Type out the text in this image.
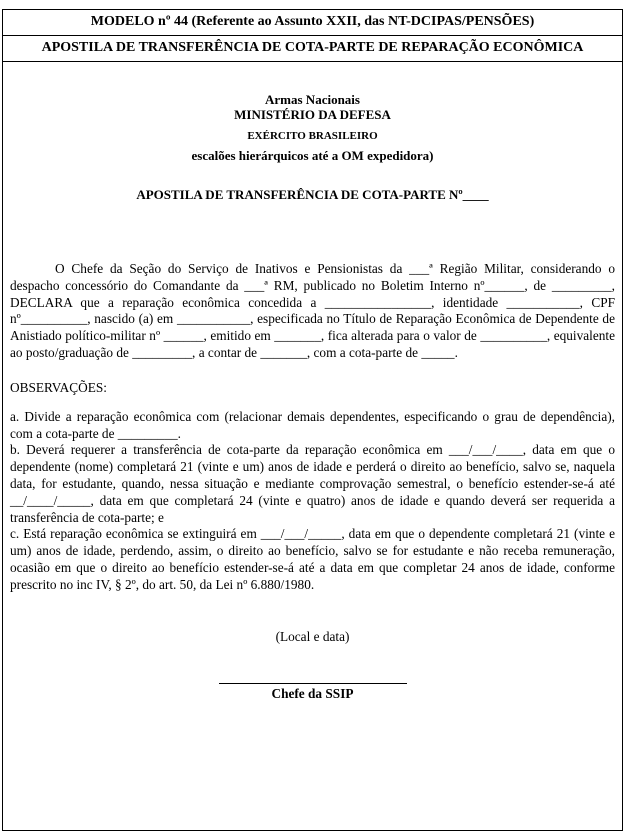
MODELO nº 44 (Referente ao Assunto XXII, das NT-DCIPAS/PENSÕES)
APOSTILA DE TRANSFERÊNCIA DE COTA-PARTE DE REPARAÇÃO ECONÔMICA
Armas Nacionais
MINISTÉRIO DA DEFESA
EXÉRCITO BRASILEIRO
escalões hierárquicos até a OM expedidora)
APOSTILA DE TRANSFERÊNCIA DE COTA-PARTE Nº____
O Chefe da Seção do Serviço de Inativos e Pensionistas da ___ª Região Militar, considerando o despacho concessório do Comandante da ___ª RM, publicado no Boletim Interno nº______, de _________, DECLARA que a reparação econômica concedida a ________________, identidade ___________, CPF nº__________, nascido (a) em ___________, especificada no Título de Reparação Econômica de Dependente de Anistiado político-militar nº ______, emitido em _______, fica alterada para o valor de __________, equivalente ao posto/graduação de _________, a contar de _______, com a cota-parte de _____.
OBSERVAÇÕES:

a. Divide a reparação econômica com (relacionar demais dependentes, especificando o grau de dependência), com a cota-parte de _________.

b. Deverá requerer a transferência de cota-parte da reparação econômica em ___/___/____, data em que o dependente (nome) completará 21 (vinte e um) anos de idade e perderá o direito ao benefício, salvo se, naquela data, for estudante, quando, nessa situação e mediante comprovação semestral, o benefício estender-se-á até __/____/_____, data em que completará 24 (vinte e quatro) anos de idade e quando deverá ser requerida a transferência de cota-parte; e

c. Está reparação econômica se extinguirá em ___/___/_____, data em que o dependente completará 21 (vinte e um) anos de idade, perdendo, assim, o direito ao benefício, salvo se for estudante e não receba remuneração, ocasião em que o direito ao benefício estender-se-á até a data em que completar 24 anos de idade, conforme prescrito no inc IV, § 2º, do art. 50, da Lei nº 6.880/1980.

(Local e data)
Chefe da SSIP
